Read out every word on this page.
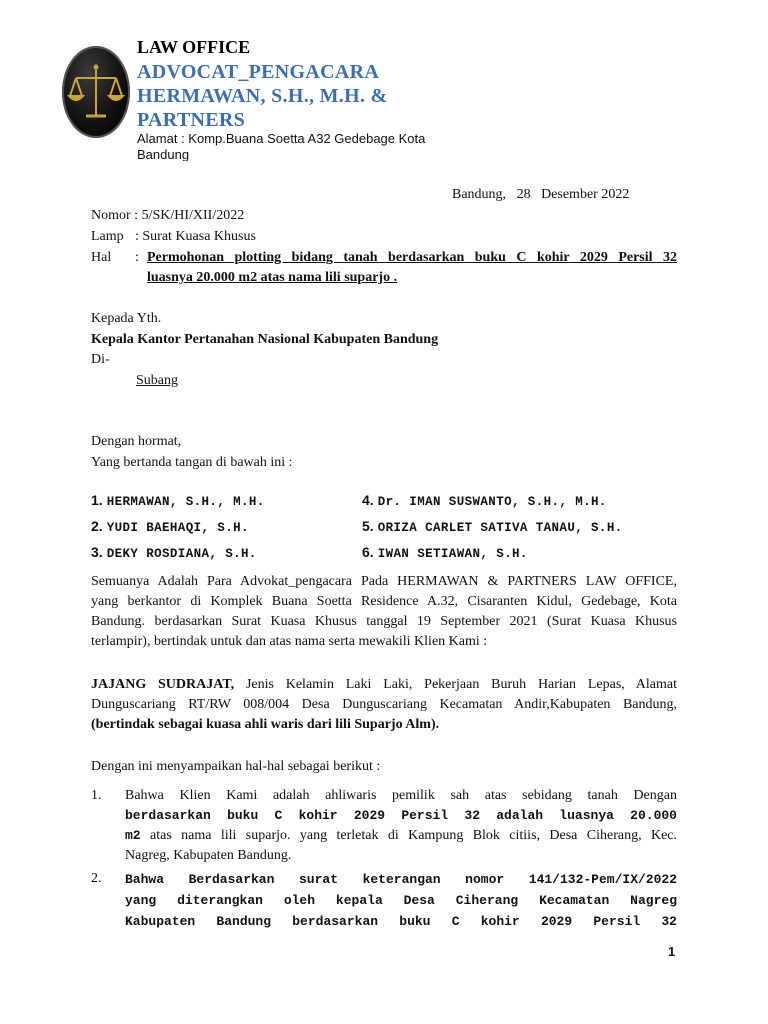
LAW OFFICE
ADVOCAT_PENGACARA
HERMAWAN, S.H., M.H. &
PARTNERS
Alamat : Komp.Buana Soetta A32 Gedebage Kota
Bandung
Bandung, 28 Desember 2022
Nomor : 5/SK/HI/XII/2022
Lamp : Surat Kuasa Khusus
Hal : Permohonan plotting bidang tanah berdasarkan buku C kohir 2029 Persil 32
luasnya 20.000 m2 atas nama lili suparjo .
Kepada Yth.
Kepala Kantor Pertanahan Nasional Kabupaten Bandung
Di-
Subang
Dengan hormat,
Yang bertanda tangan di bawah ini :
1. HERMAWAN, S.H., M.H.
2. YUDI BAEHAQI, S.H.
3. DEKY ROSDIANA, S.H.
4. Dr. IMAN SUSWANTO, S.H., M.H.
5. ORIZA CARLET SATIVA TANAU, S.H.
6. IWAN SETIAWAN, S.H.
Semuanya Adalah Para Advokat_pengacara Pada HERMAWAN & PARTNERS LAW OFFICE,
yang berkantor di Komplek Buana Soetta Residence A.32, Cisaranten Kidul, Gedebage, Kota
Bandung. berdasarkan Surat Kuasa Khusus tanggal 19 September 2021 (Surat Kuasa Khusus
terlampir), bertindak untuk dan atas nama serta mewakili Klien Kami :
JAJANG SUDRAJAT, Jenis Kelamin Laki Laki, Pekerjaan Buruh Harian Lepas, Alamat
Dunguscariang RT/RW 008/004 Desa Dunguscariang Kecamatan Andir,Kabupaten Bandung,
(bertindak sebagai kuasa ahli waris dari lili Suparjo Alm).
Dengan ini menyampaikan hal-hal sebagai berikut :
1. Bahwa Klien Kami adalah ahliwaris pemilik sah atas sebidang tanah Dengan
berdasarkan buku C kohir 2029 Persil 32 adalah luasnya 20.000
m2 atas nama lili suparjo. yang terletak di Kampung Blok citiis, Desa Ciherang, Kec.
Nagreg, Kabupaten Bandung.
2. Bahwa Berdasarkan surat keterangan nomor 141/132-Pem/IX/2022
yang diterangkan oleh kepala Desa Ciherang Kecamatan Nagreg
Kabupaten Bandung berdasarkan buku C kohir 2029 Persil 32
1
